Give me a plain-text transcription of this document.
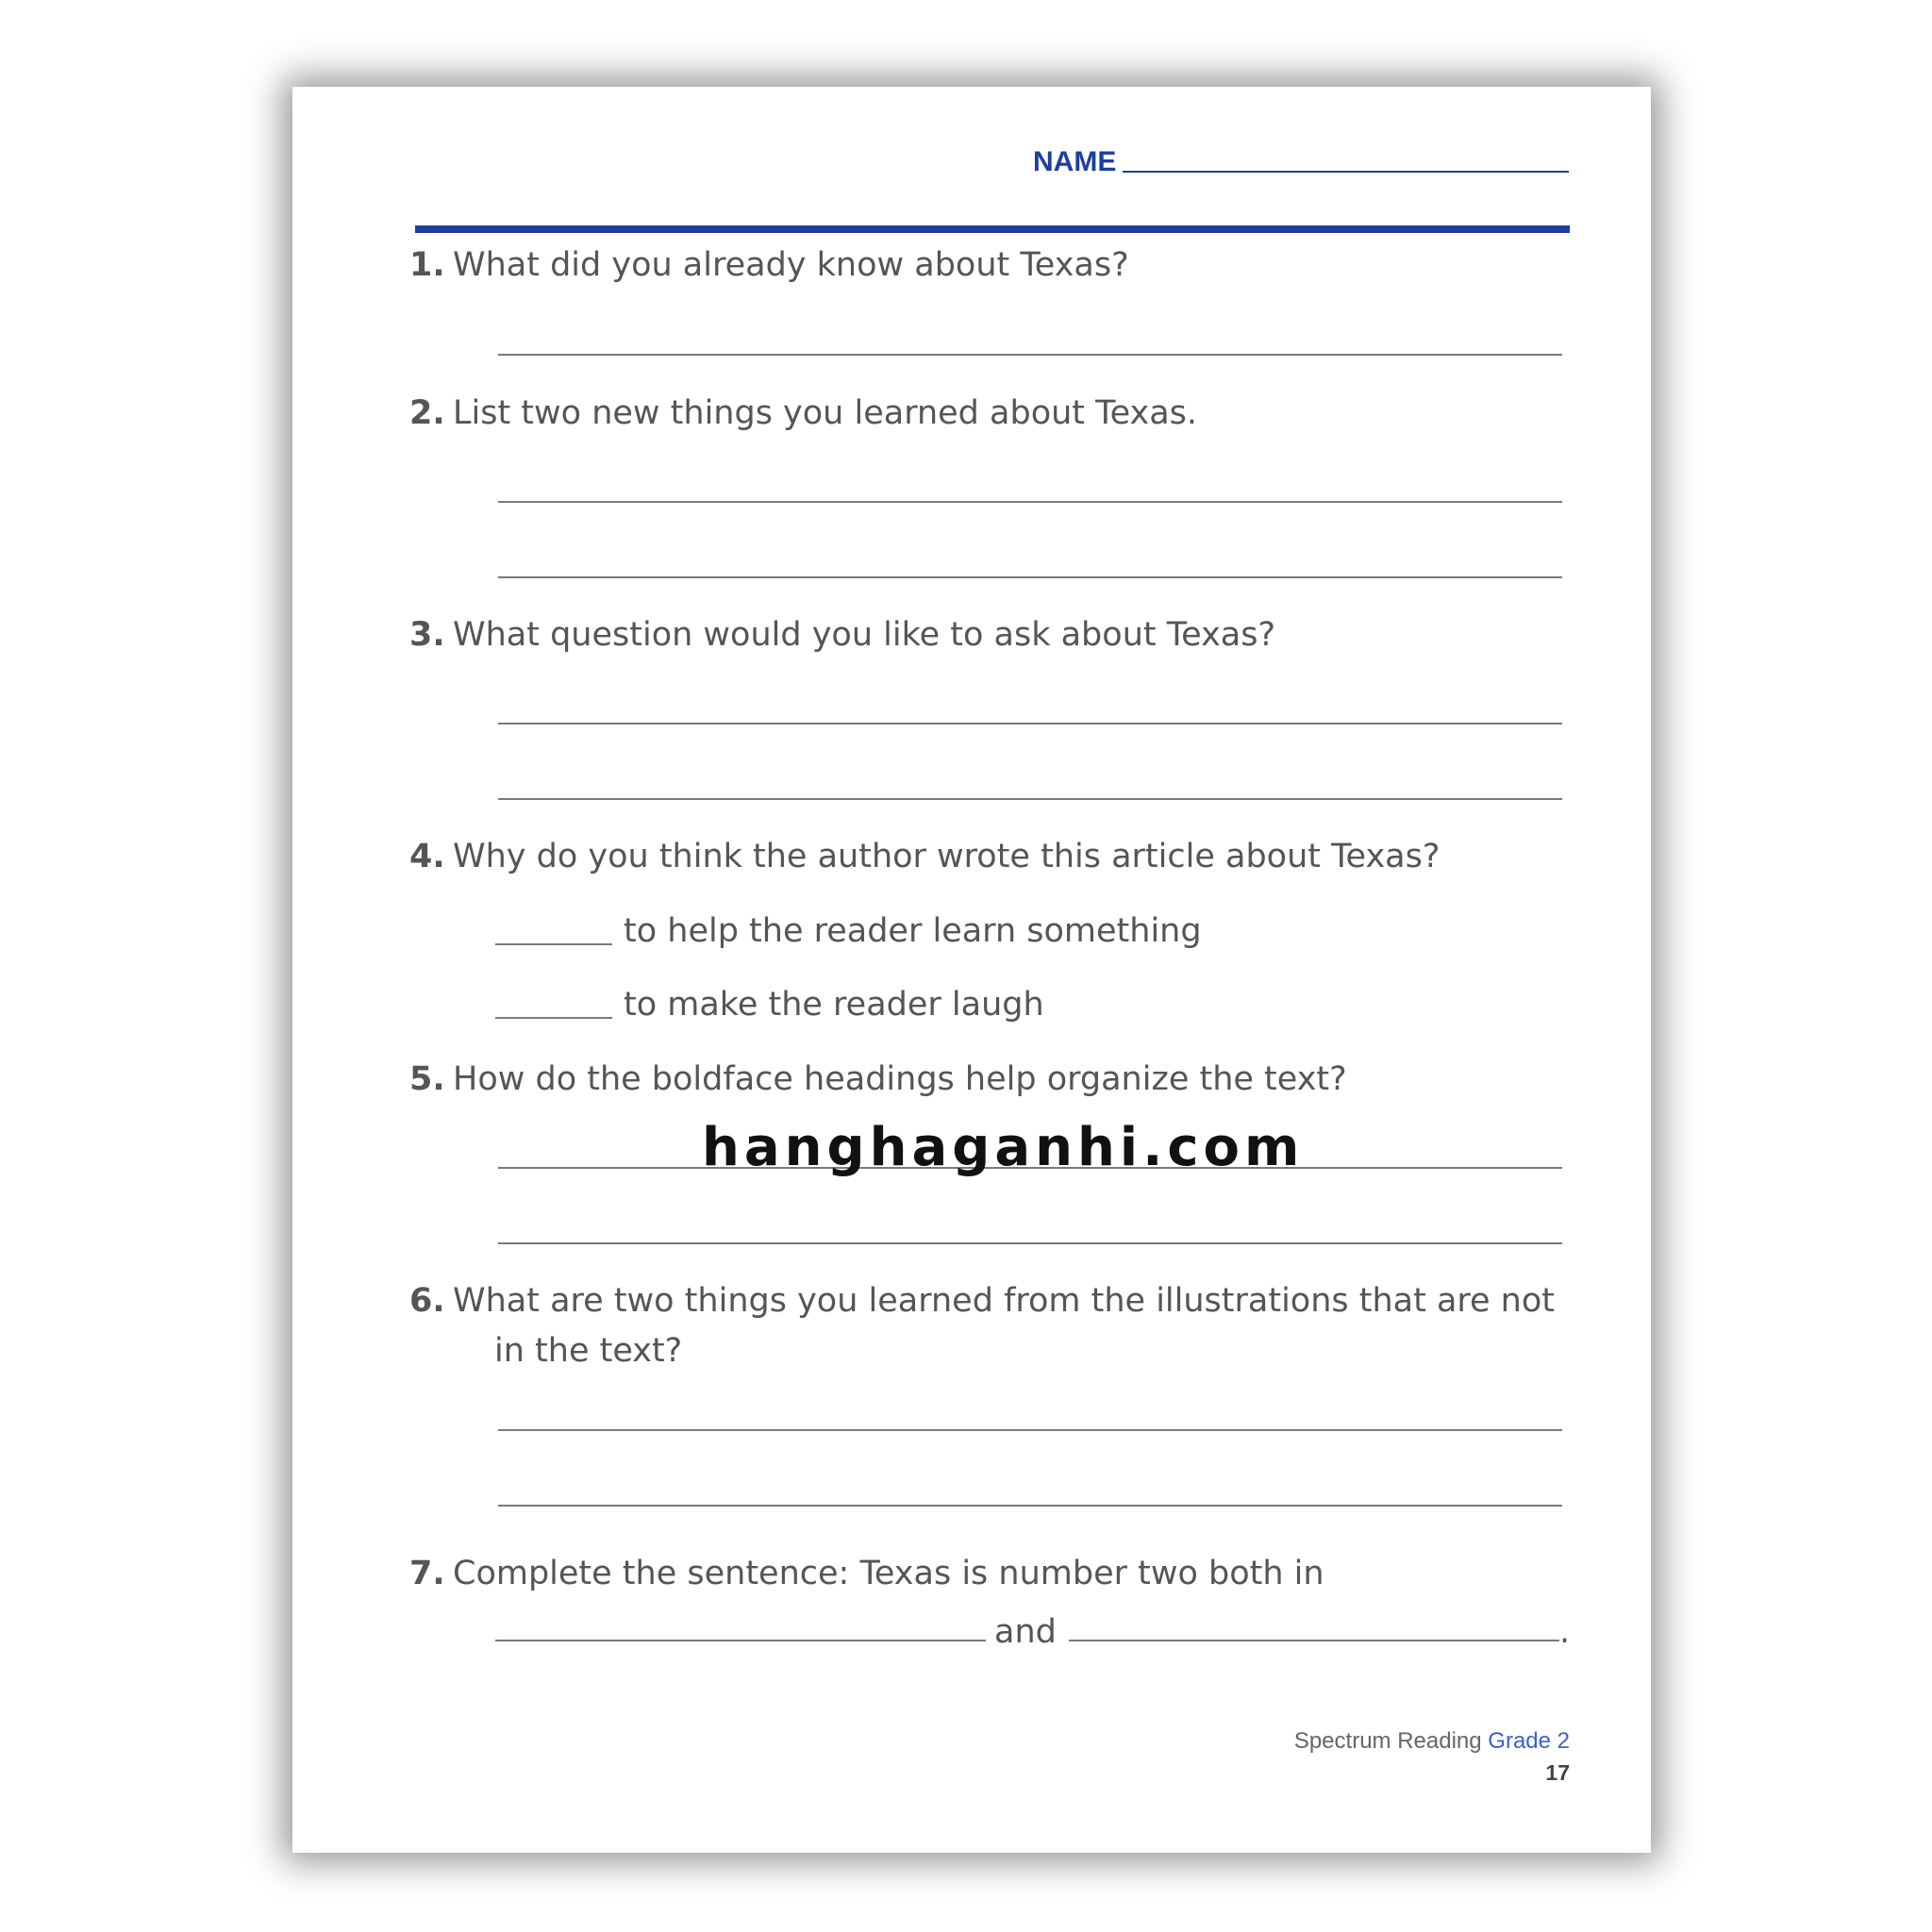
NAME
1. What did you already know about Texas?
2. List two new things you learned about Texas.
3. What question would you like to ask about Texas?
4. Why do you think the author wrote this article about Texas?
to help the reader learn something
to make the reader laugh
5. How do the boldface headings help organize the text?
6. What are two things you learned from the illustrations that are not
in the text?
7. Complete the sentence: Texas is number two both in
and	.
Spectrum Reading Grade 2
17
hanghaganhi.com
